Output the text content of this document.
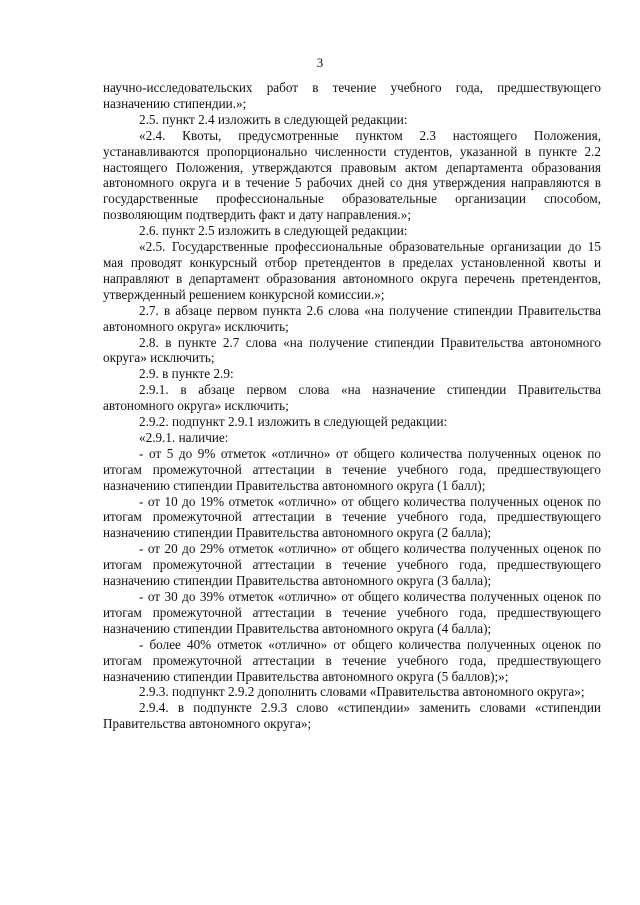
3

научно-исследовательских работ в течение учебного года, предшествующего назначению стипендии.»;

2.5. пункт 2.4 изложить в следующей редакции:

«2.4. Квоты, предусмотренные пунктом 2.3 настоящего Положения, устанавливаются пропорционально численности студентов, указанной в пункте 2.2 настоящего Положения, утверждаются правовым актом департамента образования автономного округа и в течение 5 рабочих дней со дня утверждения направляются в государственные профессиональные образовательные организации способом, позволяющим подтвердить факт и дату направления.»;

2.6. пункт 2.5 изложить в следующей редакции:

«2.5. Государственные профессиональные образовательные организации до 15 мая проводят конкурсный отбор претендентов в пределах установленной квоты и направляют в департамент образования автономного округа перечень претендентов, утвержденный решением конкурсной комиссии.»;

2.7. в абзаце первом пункта 2.6 слова «на получение стипендии Правительства автономного округа» исключить;

2.8. в пункте 2.7 слова «на получение стипендии Правительства автономного округа» исключить;

2.9. в пункте 2.9:

2.9.1. в абзаце первом слова «на назначение стипендии Правительства автономного округа» исключить;

2.9.2. подпункт 2.9.1 изложить в следующей редакции:

«2.9.1. наличие:

- от 5 до 9% отметок «отлично» от общего количества полученных оценок по итогам промежуточной аттестации в течение учебного года, предшествующего назначению стипендии Правительства автономного округа (1 балл);

- от 10 до 19% отметок «отлично» от общего количества полученных оценок по итогам промежуточной аттестации в течение учебного года, предшествующего назначению стипендии Правительства автономного округа (2 балла);

- от 20 до 29% отметок «отлично» от общего количества полученных оценок по итогам промежуточной аттестации в течение учебного года, предшествующего назначению стипендии Правительства автономного округа (3 балла);

- от 30 до 39% отметок «отлично» от общего количества полученных оценок по итогам промежуточной аттестации в течение учебного года, предшествующего назначению стипендии Правительства автономного округа (4 балла);

- более 40% отметок «отлично» от общего количества полученных оценок по итогам промежуточной аттестации в течение учебного года, предшествующего назначению стипендии Правительства автономного округа (5 баллов);»;

2.9.3. подпункт 2.9.2 дополнить словами «Правительства автономного округа»;

2.9.4. в подпункте 2.9.3 слово «стипендии» заменить словами «стипендии Правительства автономного округа»;
